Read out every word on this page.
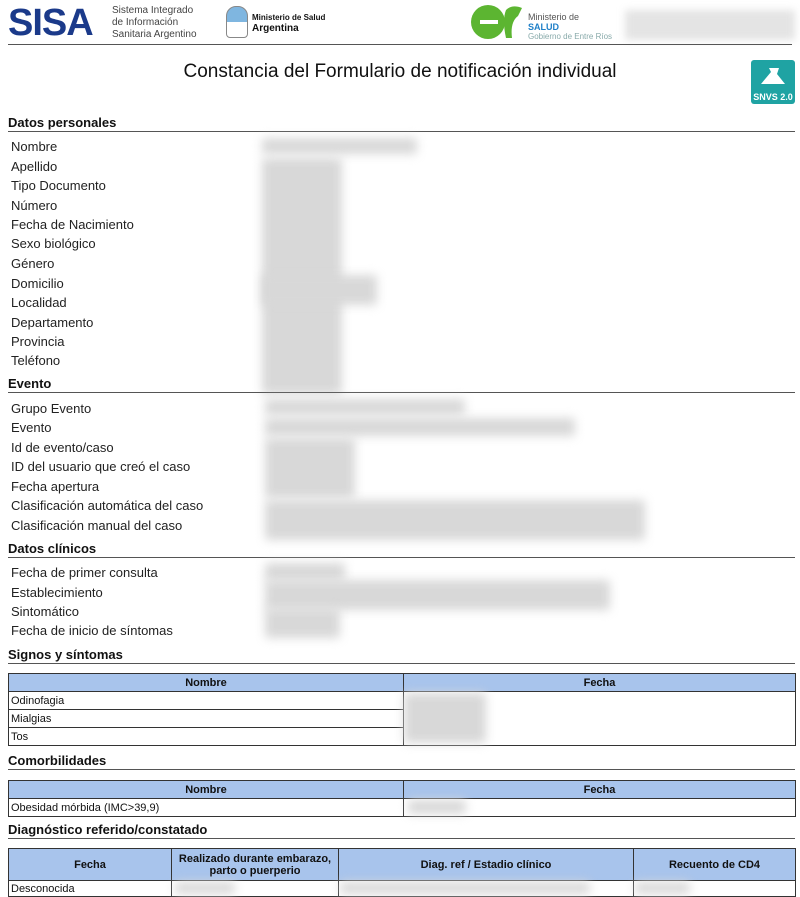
SISA Sistema Integrado
de Información
Sanitaria Argentino
Ministerio de Salud
Argentina
Ministerio de
SALUD
Gobierno de Entre Ríos
Constancia del Formulario de notificación individual
SNVS 2.0
Datos personales
Nombre
Apellido
Tipo Documento
Número
Fecha de Nacimiento
Sexo biológico
Género
Domicilio
Localidad
Departamento
Provincia
Teléfono
Evento
Grupo Evento
Evento
Id de evento/caso
ID del usuario que creó el caso
Fecha apertura
Clasificación automática del caso
Clasificación manual del caso
Datos clínicos
Fecha de primer consulta
Establecimiento
Sintomático
Fecha de inicio de síntomas
Signos y síntomas
Nombre	Fecha
Odinofagia	
Mialgias	
Tos	
Comorbilidades
Nombre	Fecha
Obesidad mórbida (IMC>39,9)	
Diagnóstico referido/constatado
Fecha	Realizado durante embarazo, parto o puerperio	Diag. ref / Estadio clínico	Recuento de CD4
Desconocida			
